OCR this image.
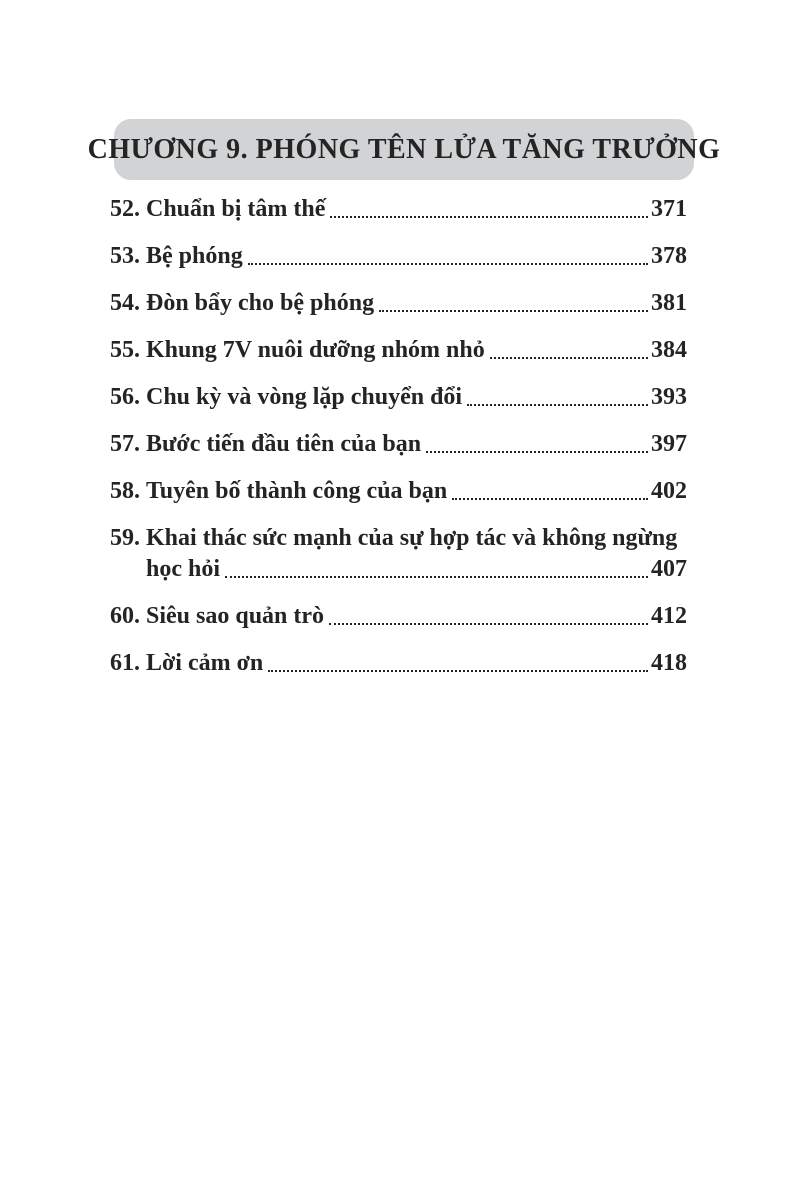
CHƯƠNG 9. PHÓNG TÊN LỬA TĂNG TRƯỞNG
52. Chuẩn bị tâm thế	371
53. Bệ phóng	378
54. Đòn bẩy cho bệ phóng	381
55. Khung 7V nuôi dưỡng nhóm nhỏ	384
56. Chu kỳ và vòng lặp chuyển đổi	393
57. Bước tiến đầu tiên của bạn	397
58. Tuyên bố thành công của bạn	402
59. Khai thác sức mạnh của sự hợp tác và không ngừng
học hỏi	407
60. Siêu sao quản trò	412
61. Lời cảm ơn	418
